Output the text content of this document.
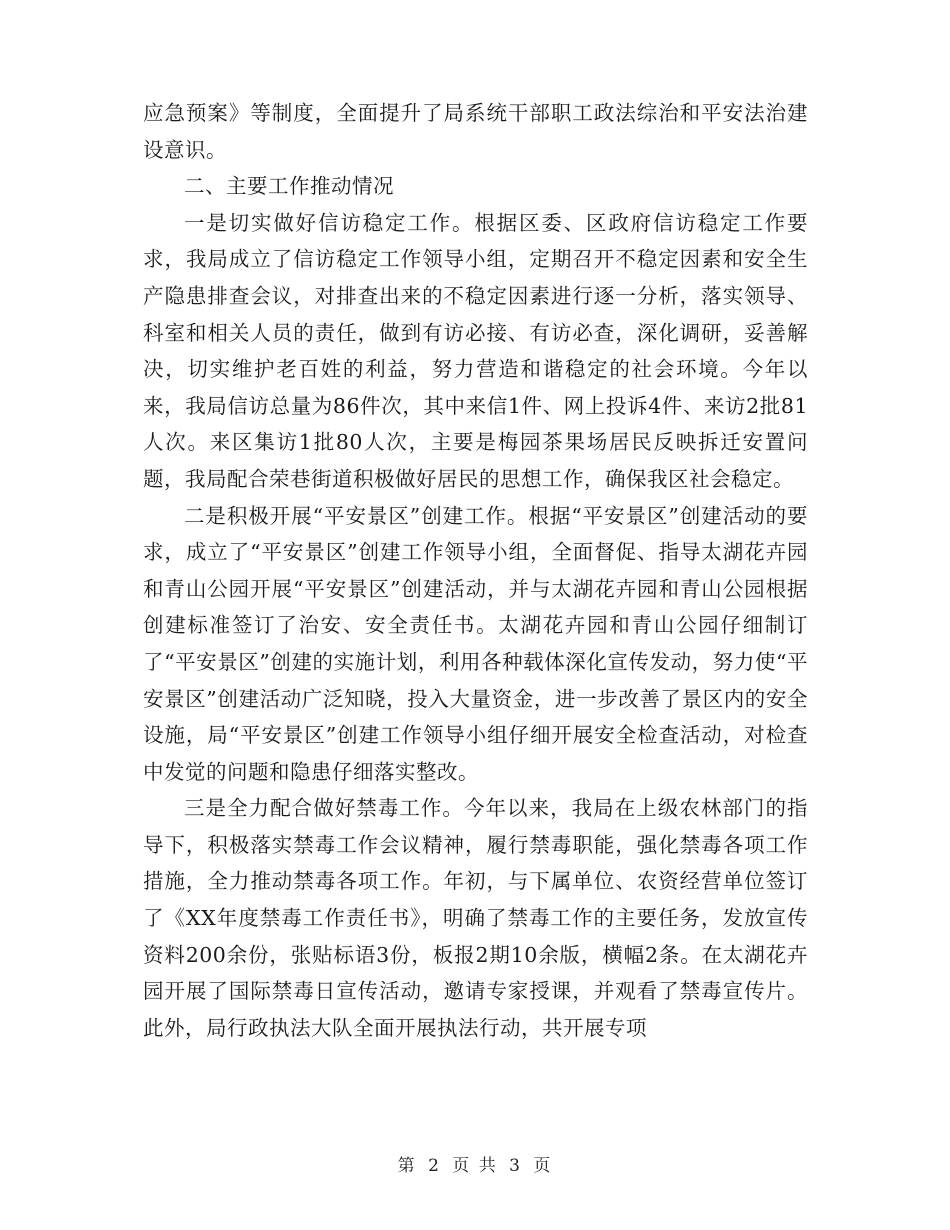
应急预案》等制度，全面提升了局系统干部职工政法综治和平安法治建设意识。

二、主要工作推动情况

一是切实做好信访稳定工作。根据区委、区政府信访稳定工作要求，我局成立了信访稳定工作领导小组，定期召开不稳定因素和安全生产隐患排查会议，对排查出来的不稳定因素进行逐一分析，落实领导、科室和相关人员的责任，做到有访必接、有访必查，深化调研，妥善解决，切实维护老百姓的利益，努力营造和谐稳定的社会环境。今年以来，我局信访总量为86件次，其中来信1件、网上投诉4件、来访2批81人次。来区集访1批80人次，主要是梅园茶果场居民反映拆迁安置问题，我局配合荣巷街道积极做好居民的思想工作，确保我区社会稳定。

二是积极开展“平安景区”创建工作。根据“平安景区”创建活动的要求，成立了“平安景区”创建工作领导小组，全面督促、指导太湖花卉园和青山公园开展“平安景区”创建活动，并与太湖花卉园和青山公园根据创建标准签订了治安、安全责任书。太湖花卉园和青山公园仔细制订了“平安景区”创建的实施计划，利用各种载体深化宣传发动，努力使“平安景区”创建活动广泛知晓，投入大量资金，进一步改善了景区内的安全设施，局“平安景区”创建工作领导小组仔细开展安全检查活动，对检查中发觉的问题和隐患仔细落实整改。

三是全力配合做好禁毒工作。今年以来，我局在上级农林部门的指导下，积极落实禁毒工作会议精神，履行禁毒职能，强化禁毒各项工作措施，全力推动禁毒各项工作。年初，与下属单位、农资经营单位签订了《XX年度禁毒工作责任书》，明确了禁毒工作的主要任务，发放宣传资料200余份，张贴标语3份，板报2期10余版，横幅2条。在太湖花卉园开展了国际禁毒日宣传活动，邀请专家授课，并观看了禁毒宣传片。此外，局行政执法大队全面开展执法行动，共开展专项

第 2 页 共 3 页
